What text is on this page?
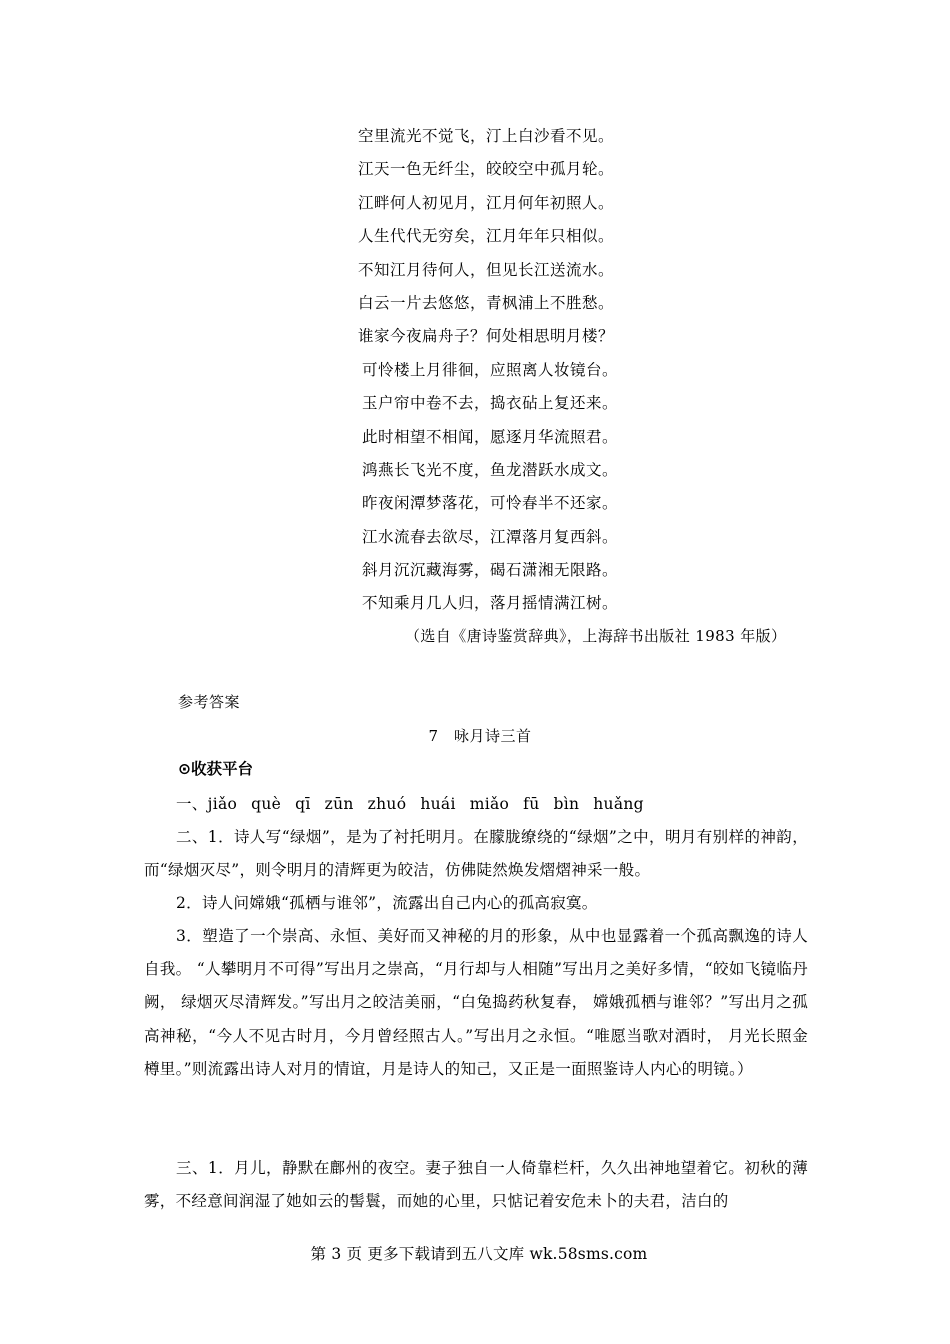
空里流光不觉飞，汀上白沙看不见。
江天一色无纤尘，皎皎空中孤月轮。
江畔何人初见月，江月何年初照人。
人生代代无穷矣，江月年年只相似。
不知江月待何人，但见长江送流水。
白云一片去悠悠，青枫浦上不胜愁。
谁家今夜扁舟子？何处相思明月楼？
可怜楼上月徘徊，应照离人妆镜台。
玉户帘中卷不去，捣衣砧上复还来。
此时相望不相闻，愿逐月华流照君。
鸿燕长飞光不度，鱼龙潜跃水成文。
昨夜闲潭梦落花，可怜春半不还家。
江水流春去欲尽，江潭落月复西斜。
斜月沉沉藏海雾，碣石潇湘无限路。
不知乘月几人归，落月摇情满江树。
（选自《唐诗鉴赏辞典》，上海辞书出版社 1983 年版）
参考答案
7　咏月诗三首
⊙收获平台
一、jiǎo què qī zūn zhuó huái miǎo fū bìn huǎng
二、1．诗人写“绿烟”，是为了衬托明月。在朦胧缭绕的“绿烟”之中，明月有别样的神韵，而“绿烟灭尽”，则令明月的清辉更为皎洁，仿佛陡然焕发熠熠神采一般。
2．诗人问嫦娥“孤栖与谁邻”，流露出自己内心的孤高寂寞。
3．塑造了一个崇高、永恒、美好而又神秘的月的形象，从中也显露着一个孤高飘逸的诗人自我。 “人攀明月不可得”写出月之崇高，“月行却与人相随”写出月之美好多情，“皎如飞镜临丹阙， 绿烟灭尽清辉发。”写出月之皎洁美丽，“白兔捣药秋复春， 嫦娥孤栖与谁邻？”写出月之孤高神秘，“今人不见古时月，今月曾经照古人。”写出月之永恒。“唯愿当歌对酒时， 月光长照金樽里。”则流露出诗人对月的情谊，月是诗人的知己，又正是一面照鉴诗人内心的明镜。）
三、1．月儿，静默在鄜州的夜空。妻子独自一人倚靠栏杆，久久出神地望着它。初秋的薄雾，不经意间润湿了她如云的髻鬟，而她的心里，只惦记着安危未卜的夫君，洁白的
第 3 页 更多下载请到五八文库 wk.58sms.com
